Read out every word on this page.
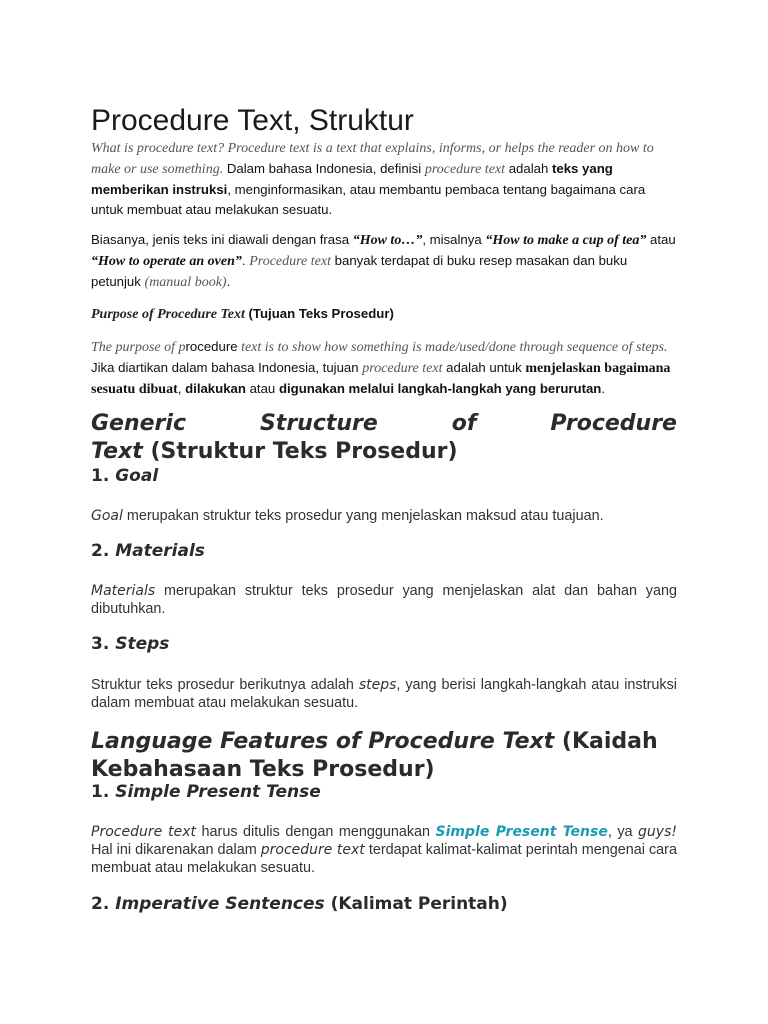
Procedure Text, Struktur
What is procedure text? Procedure text is a text that explains, informs, or helps the reader on how to make or use something. Dalam bahasa Indonesia, definisi procedure text adalah teks yang memberikan instruksi, menginformasikan, atau membantu pembaca tentang bagaimana cara untuk membuat atau melakukan sesuatu.
Biasanya, jenis teks ini diawali dengan frasa “How to…”, misalnya “How to make a cup of tea” atau “How to operate an oven”. Procedure text banyak terdapat di buku resep masakan dan buku petunjuk (manual book).
Purpose of Procedure Text (Tujuan Teks Prosedur)
The purpose of procedure text is to show how something is made/used/done through sequence of steps. Jika diartikan dalam bahasa Indonesia, tujuan procedure text adalah untuk menjelaskan bagaimana sesuatu dibuat, dilakukan atau digunakan melalui langkah-langkah yang berurutan.
Generic	Structure	of	Procedure
Text (Struktur Teks Prosedur)
1. Goal
Goal merupakan struktur teks prosedur yang menjelaskan maksud atau tuajuan.
2. Materials
Materials merupakan struktur teks prosedur yang menjelaskan alat dan bahan yang dibutuhkan.
3. Steps
Struktur teks prosedur berikutnya adalah steps, yang berisi langkah-langkah atau instruksi dalam membuat atau melakukan sesuatu.
Language Features of Procedure Text (Kaidah Kebahasaan Teks Prosedur)
1. Simple Present Tense
Procedure text harus ditulis dengan menggunakan Simple Present Tense, ya guys! Hal ini dikarenakan dalam procedure text terdapat kalimat-kalimat perintah mengenai cara membuat atau melakukan sesuatu.
2. Imperative Sentences (Kalimat Perintah)
